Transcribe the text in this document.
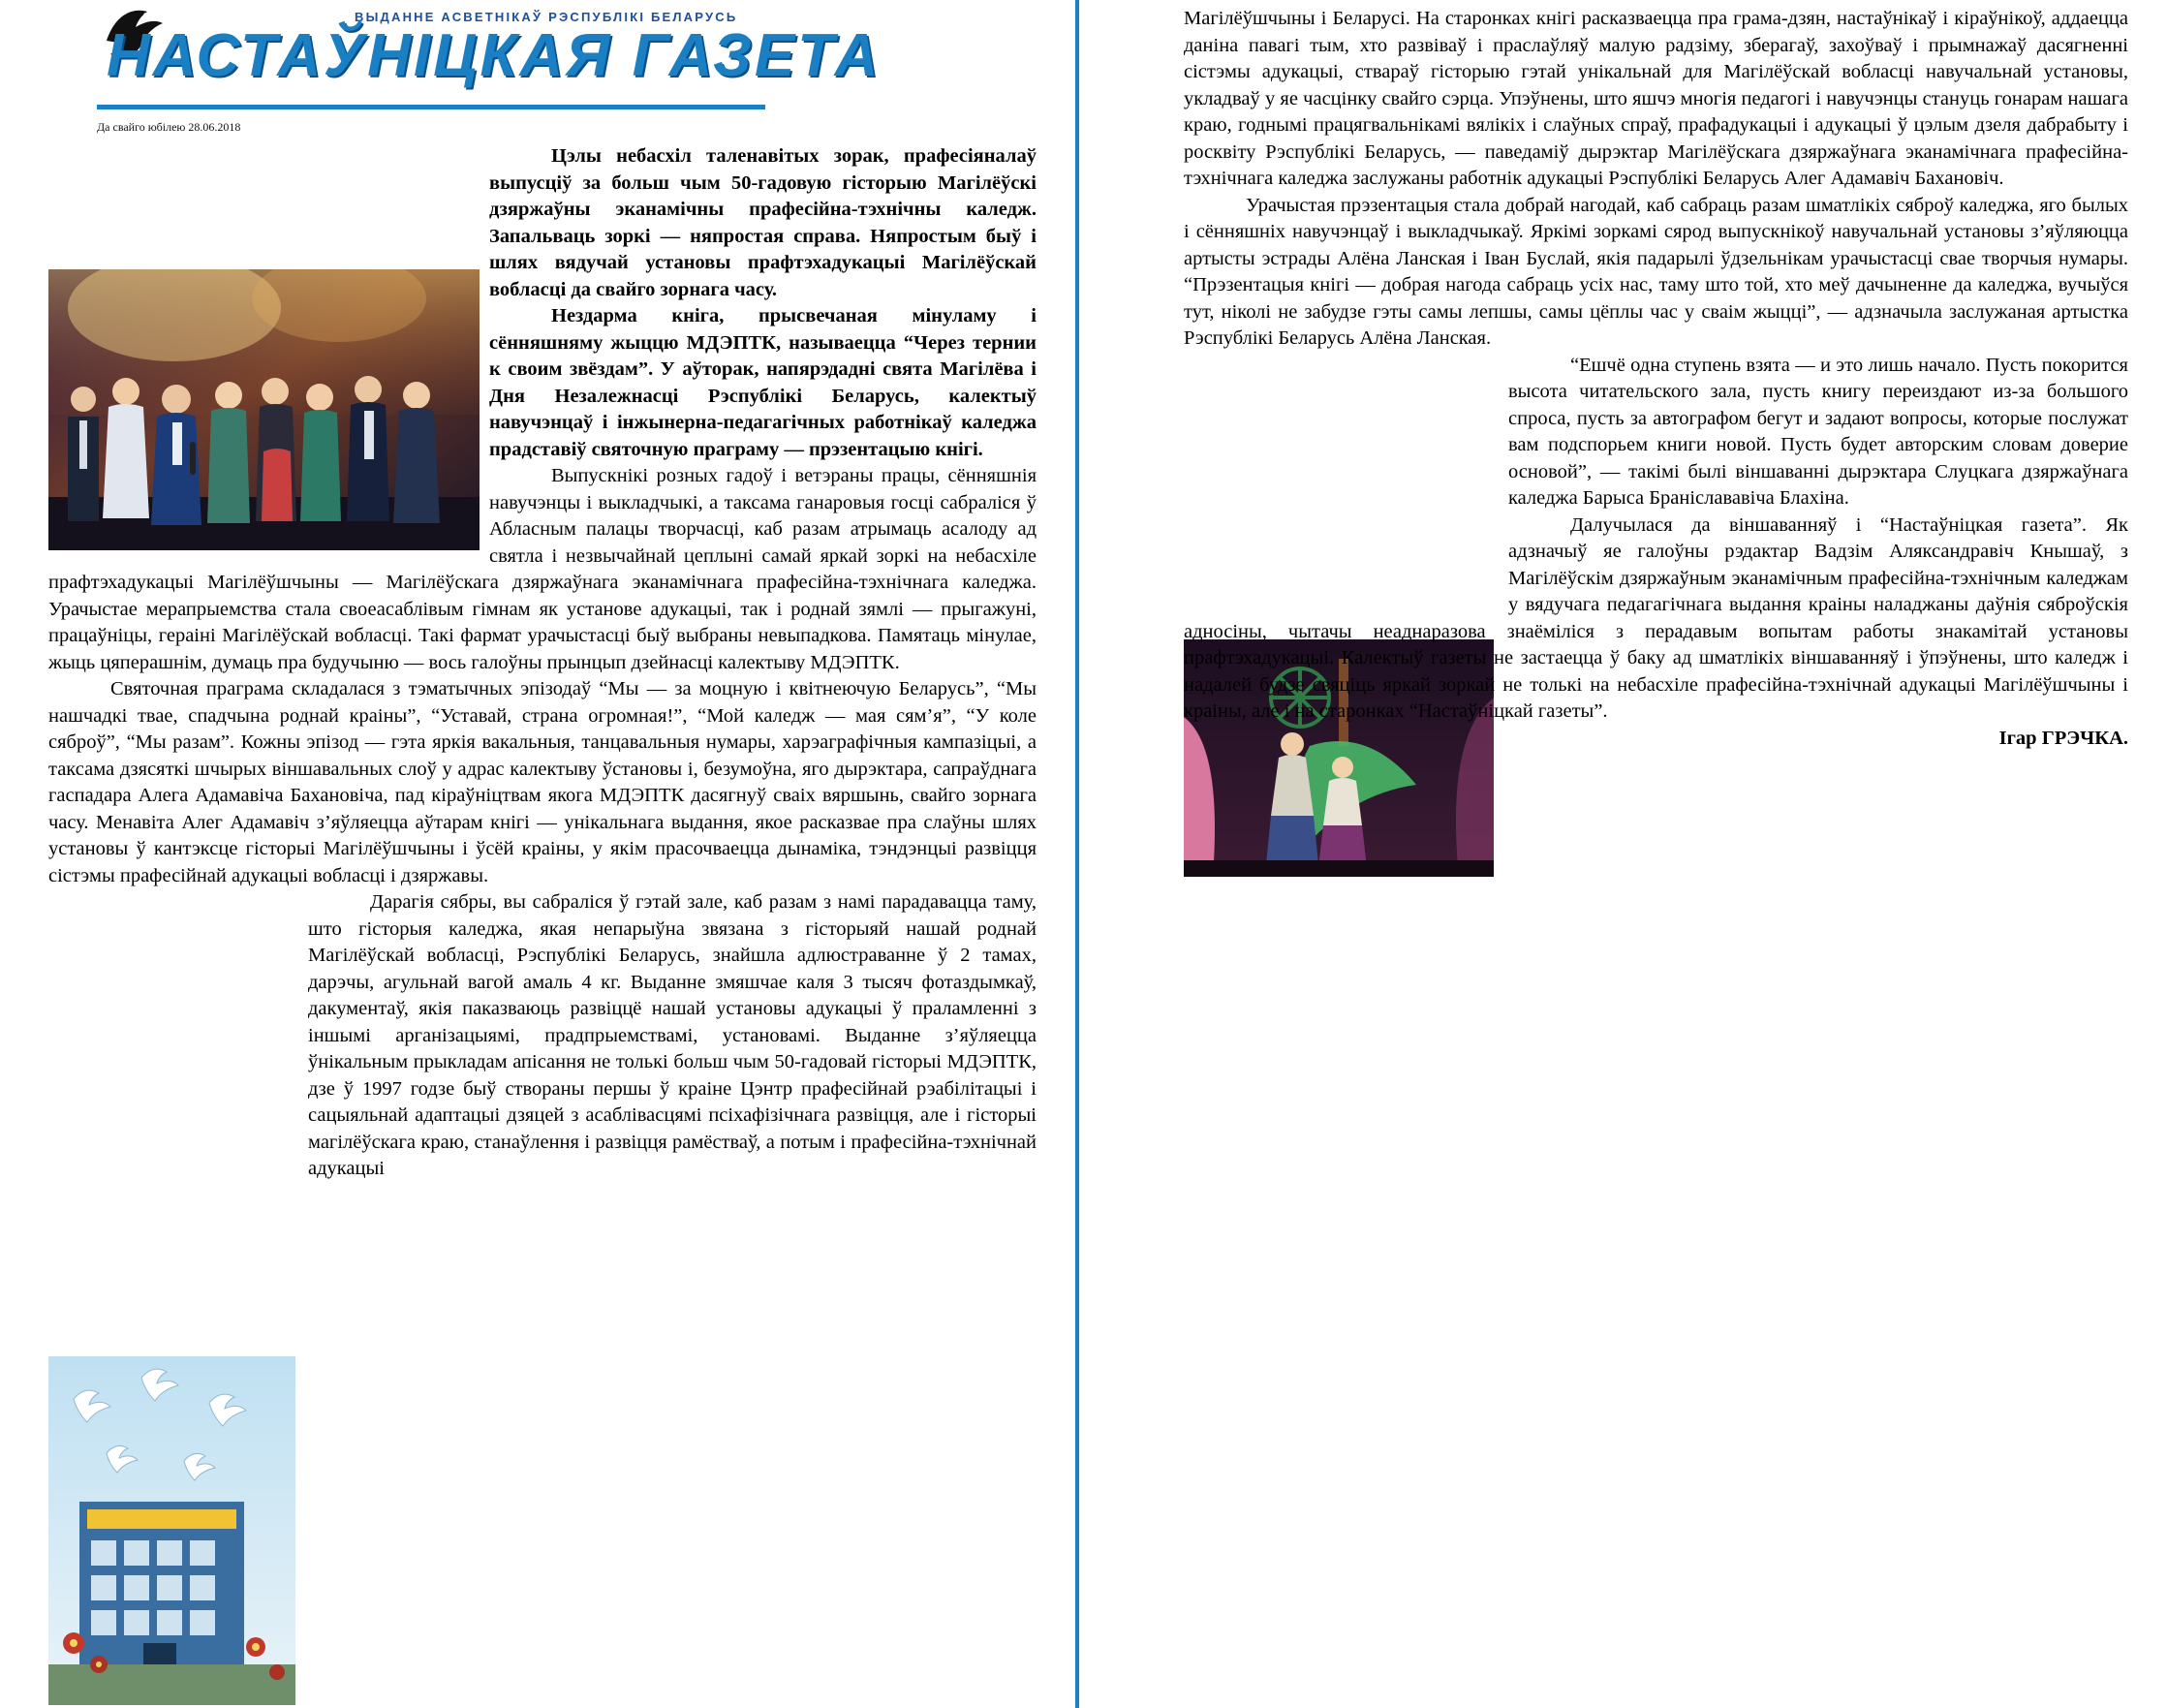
ВЫДАННЕ АСВЕТНІКАЎ РЭСПУБЛІКІ БЕЛАРУСЬ
НАСТАЎНІЦКАЯ ГАЗЕТА
Да свайго юбілею 28.06.2018

Цэлы небасхіл таленавітых зорак, прафесіяналаў выпусціў за больш чым 50-гадовую гісторыю Магілёўскі дзяржаўны эканамічны прафесійна-тэхнічны каледж. Запальваць зоркі — няпростая справа. Няпростым быў і шлях вядучай установы прафтэхадукацыі Магілёўскай вобласці да свайго зорнага часу.

Нездарма кніга, прысвечаная мінуламу і сённяшняму жыццю МДЭПТК, называецца “Через тернии к своим звёздам”. У аўторак, напярэдадні свята Магілёва і Дня Незалежнасці Рэспублікі Беларусь, калектыў навучэнцаў і інжынерна-педагагічных работнікаў каледжа прадставіў святочную праграму — прэзентацыю кнігі.

Выпускнікі розных гадоў і ветэраны працы, сённяшнія навучэнцы і выкладчыкі, а таксама ганаровыя госці сабраліся ў Абласным палацы творчасці, каб разам атрымаць асалоду ад святла і незвычайнай цеплыні самай яркай зоркі на небасхіле прафтэхадукацыі Магілёўшчыны — Магілёўскага дзяржаўнага эканамічнага прафесійна-тэхнічнага каледжа. Урачыстае мерапрыемства стала своеасаблівым гімнам як установе адукацыі, так і роднай зямлі — прыгажуні, працаўніцы, гераіні Магілёўскай вобласці. Такі фармат урачыстасці быў выбраны невыпадкова. Памятаць мінулае, жыць цяперашнім, думаць пра будучыню — вось галоўны прынцып дзейнасці калектыву МДЭПТК.

Святочная праграма складалася з тэматычных эпізодаў “Мы — за моцную і квітнеючую Беларусь”, “Мы нашчадкі твае, спадчына роднай краіны”, “Уставай, страна огромная!”, “Мой каледж — мая сям’я”, “У коле сяброў”, “Мы разам”. Кожны эпізод — гэта яркія вакальныя, танцавальныя нумары, харэаграфічныя кампазіцыі, а таксама дзясяткі шчырых віншавальных слоў у адрас калектыву ўстановы і, безумоўна, яго дырэктара, сапраўднага гаспадара Алега Адамавіча Бахановіча, пад кіраўніцтвам якога МДЭПТК дасягнуў сваіх вяршынь, свайго зорнага часу. Менавіта Алег Адамавіч з’яўляецца аўтарам кнігі — унікальнага выдання, якое расказвае пра слаўны шлях установы ў кантэксце гісторыі Магілёўшчыны і ўсёй краіны, у якім прасочваецца дынаміка, тэндэнцыі развіцця сістэмы прафесійнай адукацыі вобласці і дзяржавы.

Дарагія сябры, вы сабраліся ў гэтай зале, каб разам з намі парадавацца таму, што гісторыя каледжа, якая непарыўна звязана з гісторыяй нашай роднай Магілёўскай вобласці, Рэспублікі Беларусь, знайшла адлюстраванне ў 2 тамах, дарэчы, агульнай вагой амаль 4 кг. Выданне змяшчае каля 3 тысяч фотаздымкаў, дакументаў, якія паказваюць развіццё нашай установы адукацыі ў праламленні з іншымі арганізацыямі, прадпрыемствамі, установамі. Выданне з’яўляецца ўнікальным прыкладам апісання не толькі больш чым 50-гадовай гісторыі МДЭПТК, дзе ў 1997 годзе быў створаны першы ў краіне Цэнтр прафесійнай рэабілітацыі і сацыяльнай адаптацыі дзяцей з асаблівасцямі псіхафізічнага развіцця, але і гісторыі магілёўскага краю, станаўлення і развіцця рамёстваў, а потым і прафесійна-тэхнічнай адукацыі

Магілёўшчыны і Беларусі. На старонках кнігі расказваецца пра грама-дзян, настаўнікаў і кіраўнікоў, аддаецца даніна павагі тым, хто развіваў і праслаўляў малую радзіму, зберагаў, захоўваў і прымнажаў дасягненні сістэмы адукацыі, ствараў гісторыю гэтай унікальнай для Магілёўскай вобласці навучальнай установы, укладваў у яе часцінку свайго сэрца. Упэўнены, што яшчэ многія педагогі і навучэнцы стануць гонарам нашага краю, годнымі працягвальнікамі вялікіх і слаўных спраў, прафадукацыі і адукацыі ў цэлым дзеля дабрабыту і росквіту Рэспублікі Беларусь, — паведаміў дырэктар Магілёўскага дзяржаўнага эканамічнага прафесійна-тэхнічнага каледжа заслужаны работнік адукацыі Рэспублікі Беларусь Алег Адамавіч Бахановіч.

Урачыстая прэзентацыя стала добрай нагодай, каб сабраць разам шматлікіх сяброў каледжа, яго былых і сённяшніх навучэнцаў і выкладчыкаў. Яркімі зоркамі сярод выпускнікоў навучальнай установы з’яўляюцца артысты эстрады Алёна Ланская і Іван Буслай, якія падарылі ўдзельнікам урачыстасці свае творчыя нумары. “Прэзентацыя кнігі — добрая нагода сабраць усіх нас, таму што той, хто меў дачыненне да каледжа, вучыўся тут, ніколі не забудзе гэты самы лепшы, самы цёплы час у сваім жыцці”, — адзначыла заслужаная артыстка Рэспублікі Беларусь Алёна Ланская.

“Ешчё одна ступень взята — и это лишь начало. Пусть покорится высота читательского зала, пусть книгу переиздают из-за большого спроса, пусть за автографом бегут и задают вопросы, которые послужат вам подспорьем книги новой. Пусть будет авторским словам доверие основой”, — такімі былі віншаванні дырэктара Слуцкага дзяржаўнага каледжа Барыса Браніслававіча Блахіна.

Далучылася да віншаванняў і “Настаўніцкая газета”. Як адзначыў яе галоўны рэдактар Вадзім Аляксандравіч Кнышаў, з Магілёўскім дзяржаўным эканамічным прафесійна-тэхнічным каледжам у вядучага педагагічнага выдання краіны наладжаны даўнія сяброўскія адносіны, чытачы неаднаразова знаёміліся з перадавым вопытам работы знакамітай установы прафтэхадукацыі. Калектыў газеты не застаецца ў баку ад шматлікіх віншаванняў і ўпэўнены, што каледж і надалей будзе свяціць яркай зоркай не толькі на небасхіле прафесійна-тэхнічнай адукацыі Магілёўшчыны і краіны, але і на старонках “Настаўніцкай газеты”.

Ігар ГРЭЧКА.
